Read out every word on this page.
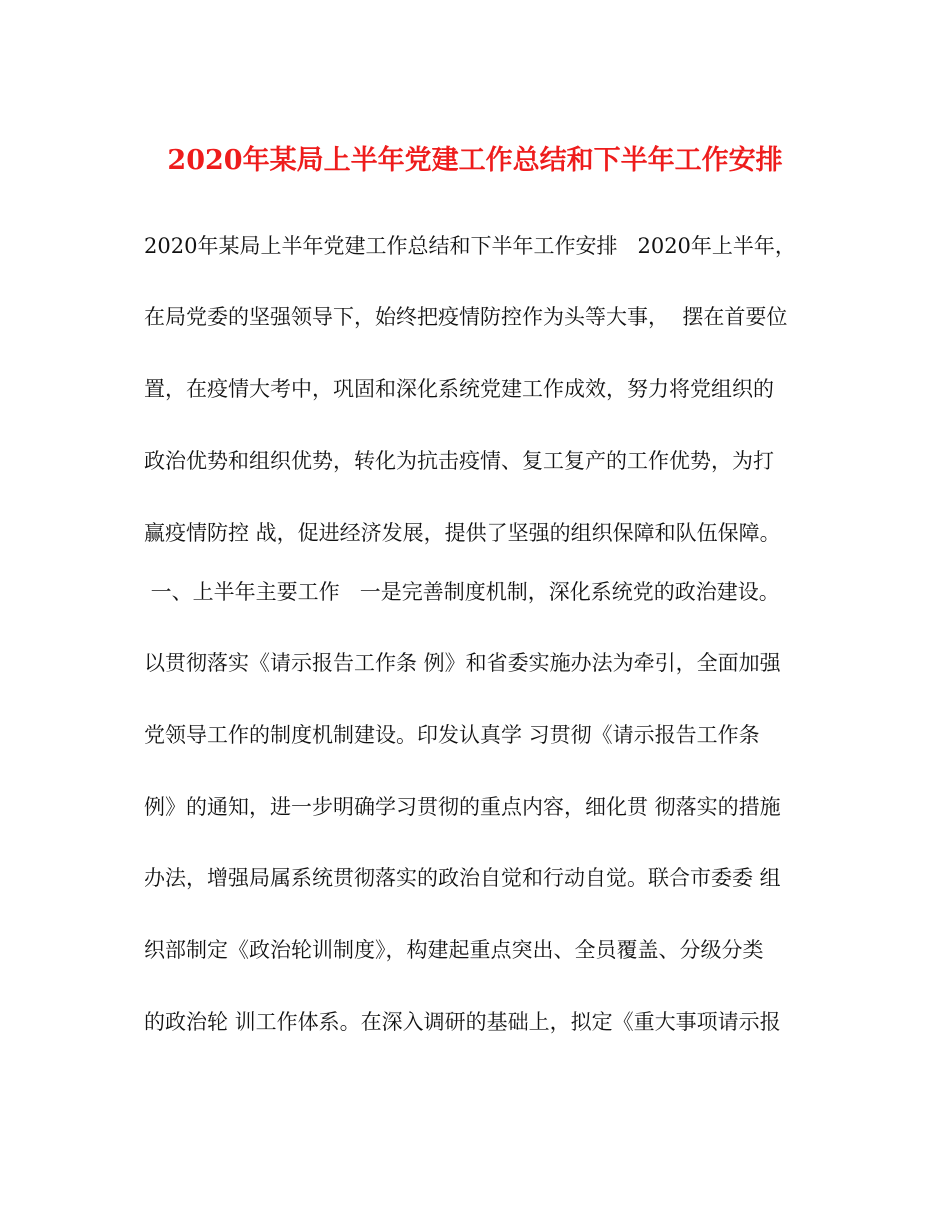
2020年某局上半年党建工作总结和下半年工作安排
2020年某局上半年党建工作总结和下半年工作安排   2020年上半年，
在局党委的坚强领导下，始终把疫情防控作为头等大事，  摆在首要位
置，在疫情大考中，巩固和深化系统党建工作成效，努力将党组织的
政治优势和组织优势，转化为抗击疫情、复工复产的工作优势，为打
赢疫情防控 战，促进经济发展，提供了坚强的组织保障和队伍保障。
一、上半年主要工作   一是完善制度机制，深化系统党的政治建设。
以贯彻落实《请示报告工作条 例》和省委实施办法为牵引，全面加强
党领导工作的制度机制建设。印发认真学 习贯彻《请示报告工作条
例》的通知，进一步明确学习贯彻的重点内容，细化贯 彻落实的措施
办法，增强局属系统贯彻落实的政治自觉和行动自觉。联合市委委 组
织部制定《政治轮训制度》，构建起重点突出、全员覆盖、分级分类
的政治轮 训工作体系。在深入调研的基础上，拟定《重大事项请示报
